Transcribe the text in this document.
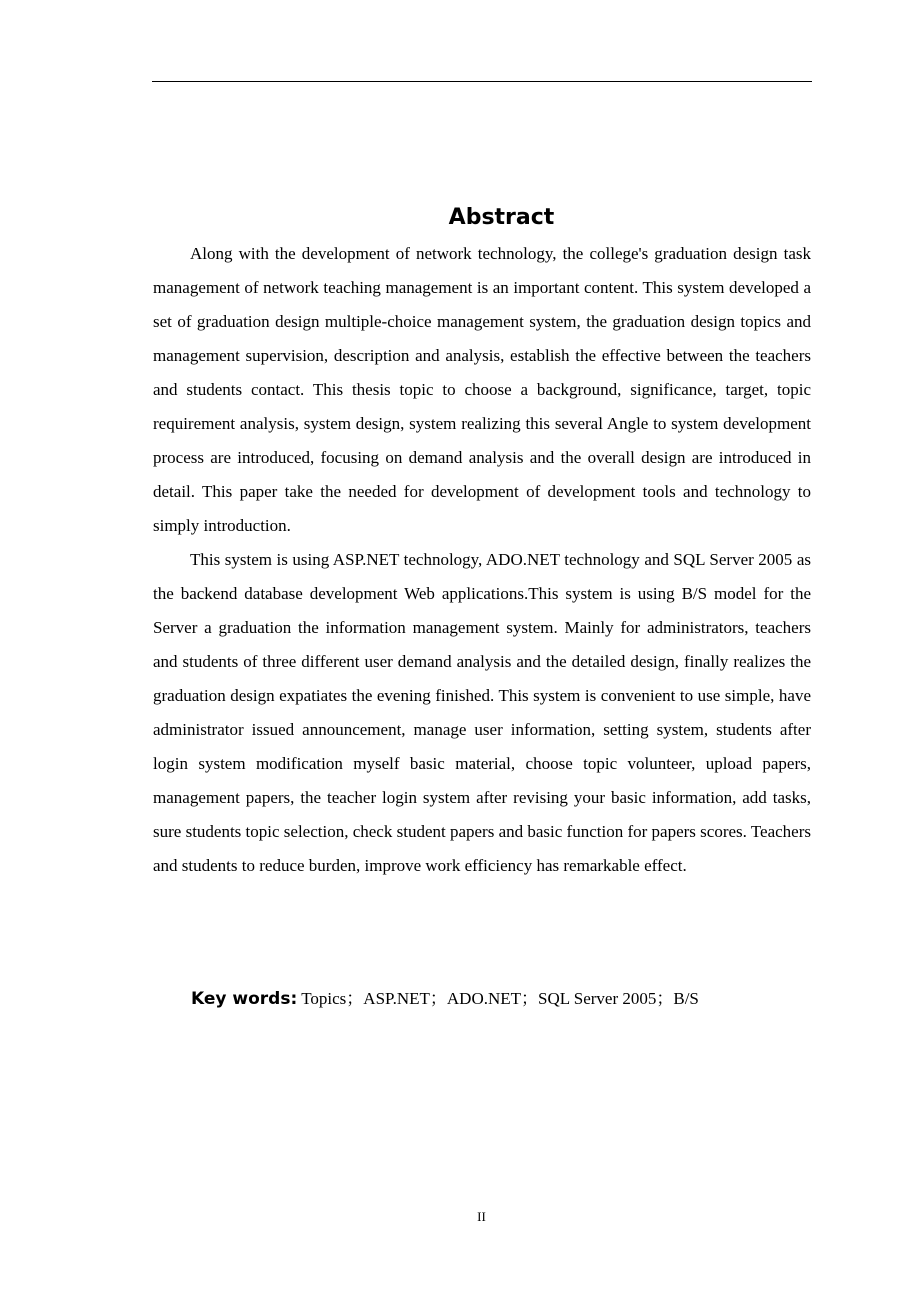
Abstract

Along with the development of network technology, the college's graduation design task management of network teaching management is an important content. This system developed a set of graduation design multiple-choice management system, the graduation design topics and management supervision, description and analysis, establish the effective between the teachers and students contact. This thesis topic to choose a background, significance, target, topic requirement analysis, system design, system realizing this several Angle to system development process are introduced, focusing on demand analysis and the overall design are introduced in detail. This paper take the needed for development of development tools and technology to simply introduction.

This system is using ASP.NET technology, ADO.NET technology and SQL Server 2005 as the backend database development Web applications.This system is using B/S model for the Server a graduation the information management system. Mainly for administrators, teachers and students of three different user demand analysis and the detailed design, finally realizes the graduation design expatiates the evening finished. This system is convenient to use simple, have administrator issued announcement, manage user information, setting system, students after login system modification myself basic material, choose topic volunteer, upload papers, management papers, the teacher login system after revising your basic information, add tasks, sure students topic selection, check student papers and basic function for papers scores. Teachers and students to reduce burden, improve work efficiency has remarkable effect.

Key words: Topics；ASP.NET；ADO.NET；SQL Server 2005；B/S
II
